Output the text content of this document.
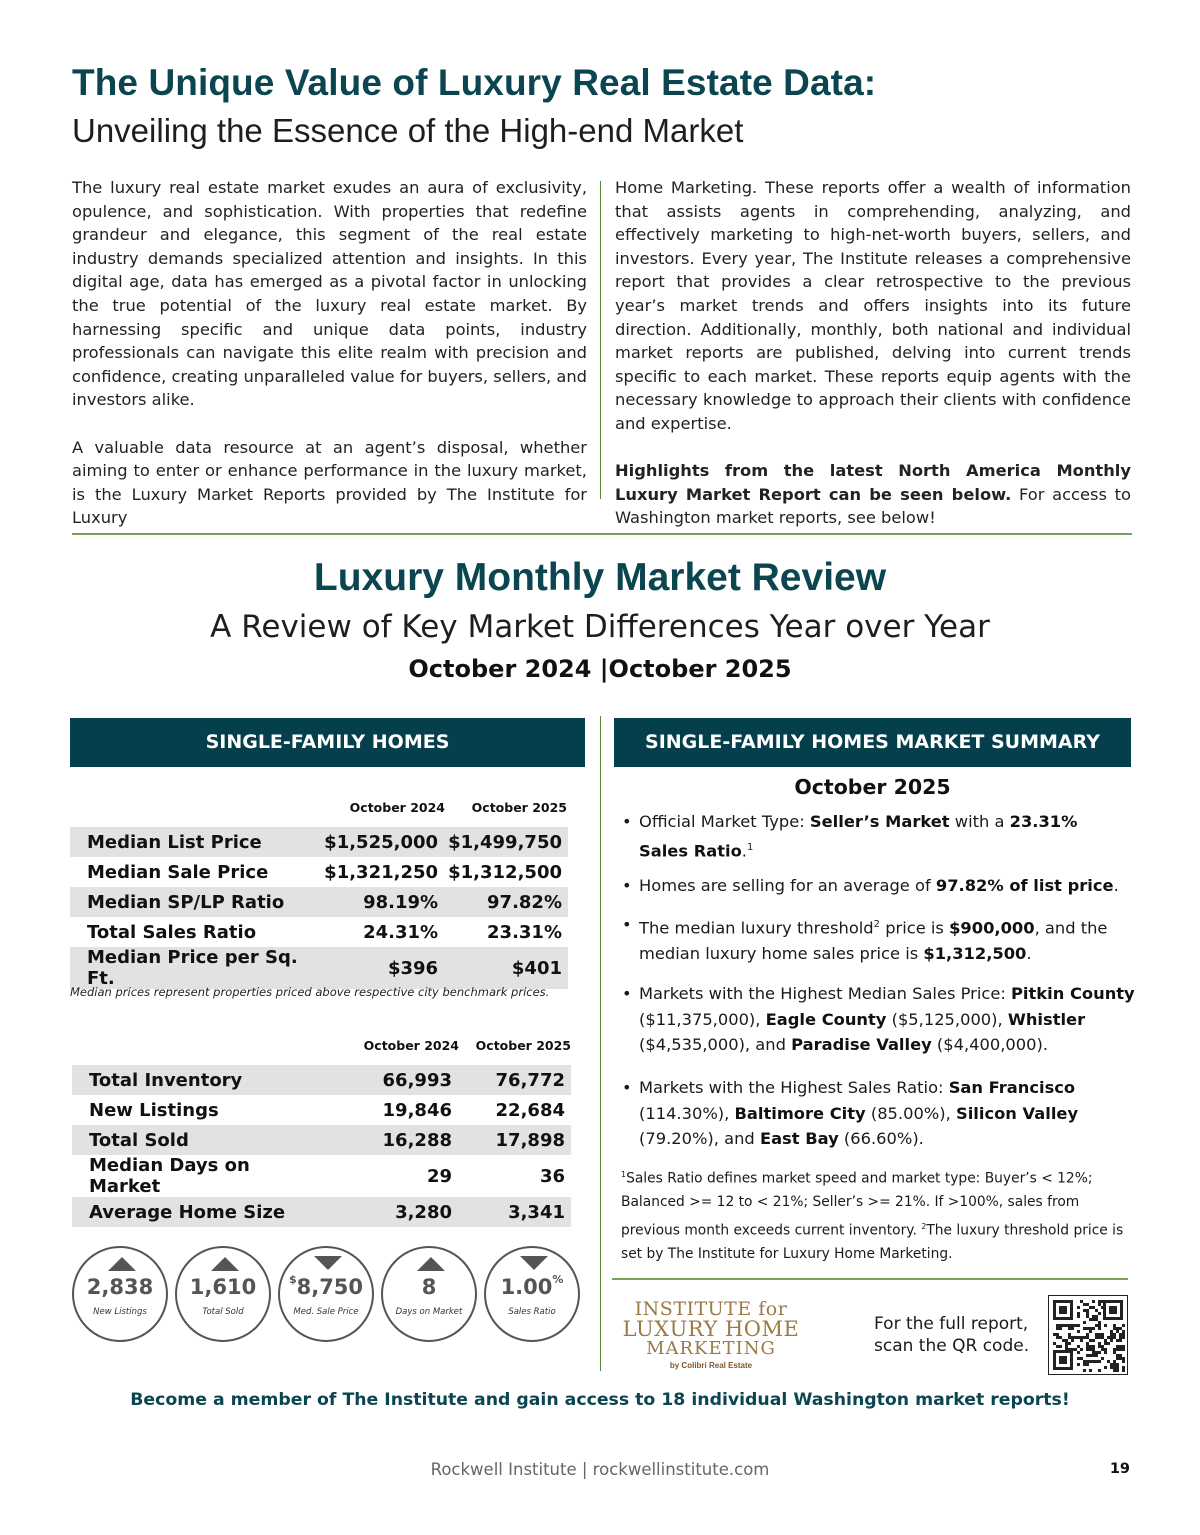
The Unique Value of Luxury Real Estate Data:
Unveiling the Essence of the High-end Market

The luxury real estate market exudes an aura of exclusivity, opulence, and sophistication. With properties that redefine grandeur and elegance, this segment of the real estate industry demands specialized attention and insights. In this digital age, data has emerged as a pivotal factor in unlocking the true potential of the luxury real estate market. By harnessing specific and unique data points, industry professionals can navigate this elite realm with precision and confidence, creating unparalleled value for buyers, sellers, and investors alike.

A valuable data resource at an agent’s disposal, whether aiming to enter or enhance performance in the luxury market, is the Luxury Market Reports provided by The Institute for Luxury

Home Marketing. These reports offer a wealth of information that assists agents in comprehending, analyzing, and effectively marketing to high-net-worth buyers, sellers, and investors. Every year, The Institute releases a comprehensive report that provides a clear retrospective to the previous year’s market trends and offers insights into its future direction. Additionally, monthly, both national and individual market reports are published, delving into current trends specific to each market. These reports equip agents with the necessary knowledge to approach their clients with confidence and expertise.

Highlights from the latest North America Monthly Luxury Market Report can be seen below. For access to Washington market reports, see below!

Luxury Monthly Market Review
A Review of Key Market Differences Year over Year
October 2024 |October 2025
SINGLE-FAMILY HOMES
October 2024	October 2025
Median List Price	$1,525,000	$1,499,750
Median Sale Price	$1,321,250	$1,312,500
Median SP/LP Ratio	98.19%	97.82%
Total Sales Ratio	24.31%	23.31%
Median Price per Sq. Ft.	$396	$401
Median prices represent properties priced above respective city benchmark prices.
October 2024	October 2025
Total Inventory	66,993	76,772
New Listings	19,846	22,684
Total Sold	16,288	17,898
Median Days on Market	29	36
Average Home Size	3,280	3,341
2,838
New Listings
1,610
Total Sold
$8,750
Med. Sale Price
8
Days on Market
1.00%
Sales Ratio
SINGLE-FAMILY HOMES MARKET SUMMARY
October 2025
• Official Market Type: Seller’s Market with a 23.31%
Sales Ratio.$^1$
• Homes are selling for an average of 97.82% of list price.
• The median luxury threshold$^2$ price is $900,000, and the median luxury home sales price is $1,312,500.
• Markets with the Highest Median Sales Price: Pitkin County ($11,375,000), Eagle County ($5,125,000), Whistler ($4,535,000), and Paradise Valley ($4,400,000).
• Markets with the Highest Sales Ratio: San Francisco (114.30%), Baltimore City (85.00%), Silicon Valley (79.20%), and East Bay (66.60%).
$^1$Sales Ratio defines market speed and market type: Buyer’s < 12%; Balanced >= 12 to < 21%; Seller’s >= 21%. If >100%, sales from previous month exceeds current inventory. $^2$The luxury threshold price is set by The Institute for Luxury Home Marketing.
INSTITUTE for
LUXURY HOME
MARKETING
by Colibri Real Estate
For the full report, scan the QR code.
Become a member of The Institute and gain access to 18 individual Washington market reports!
Rockwell Institute | rockwellinstitute.com	19
